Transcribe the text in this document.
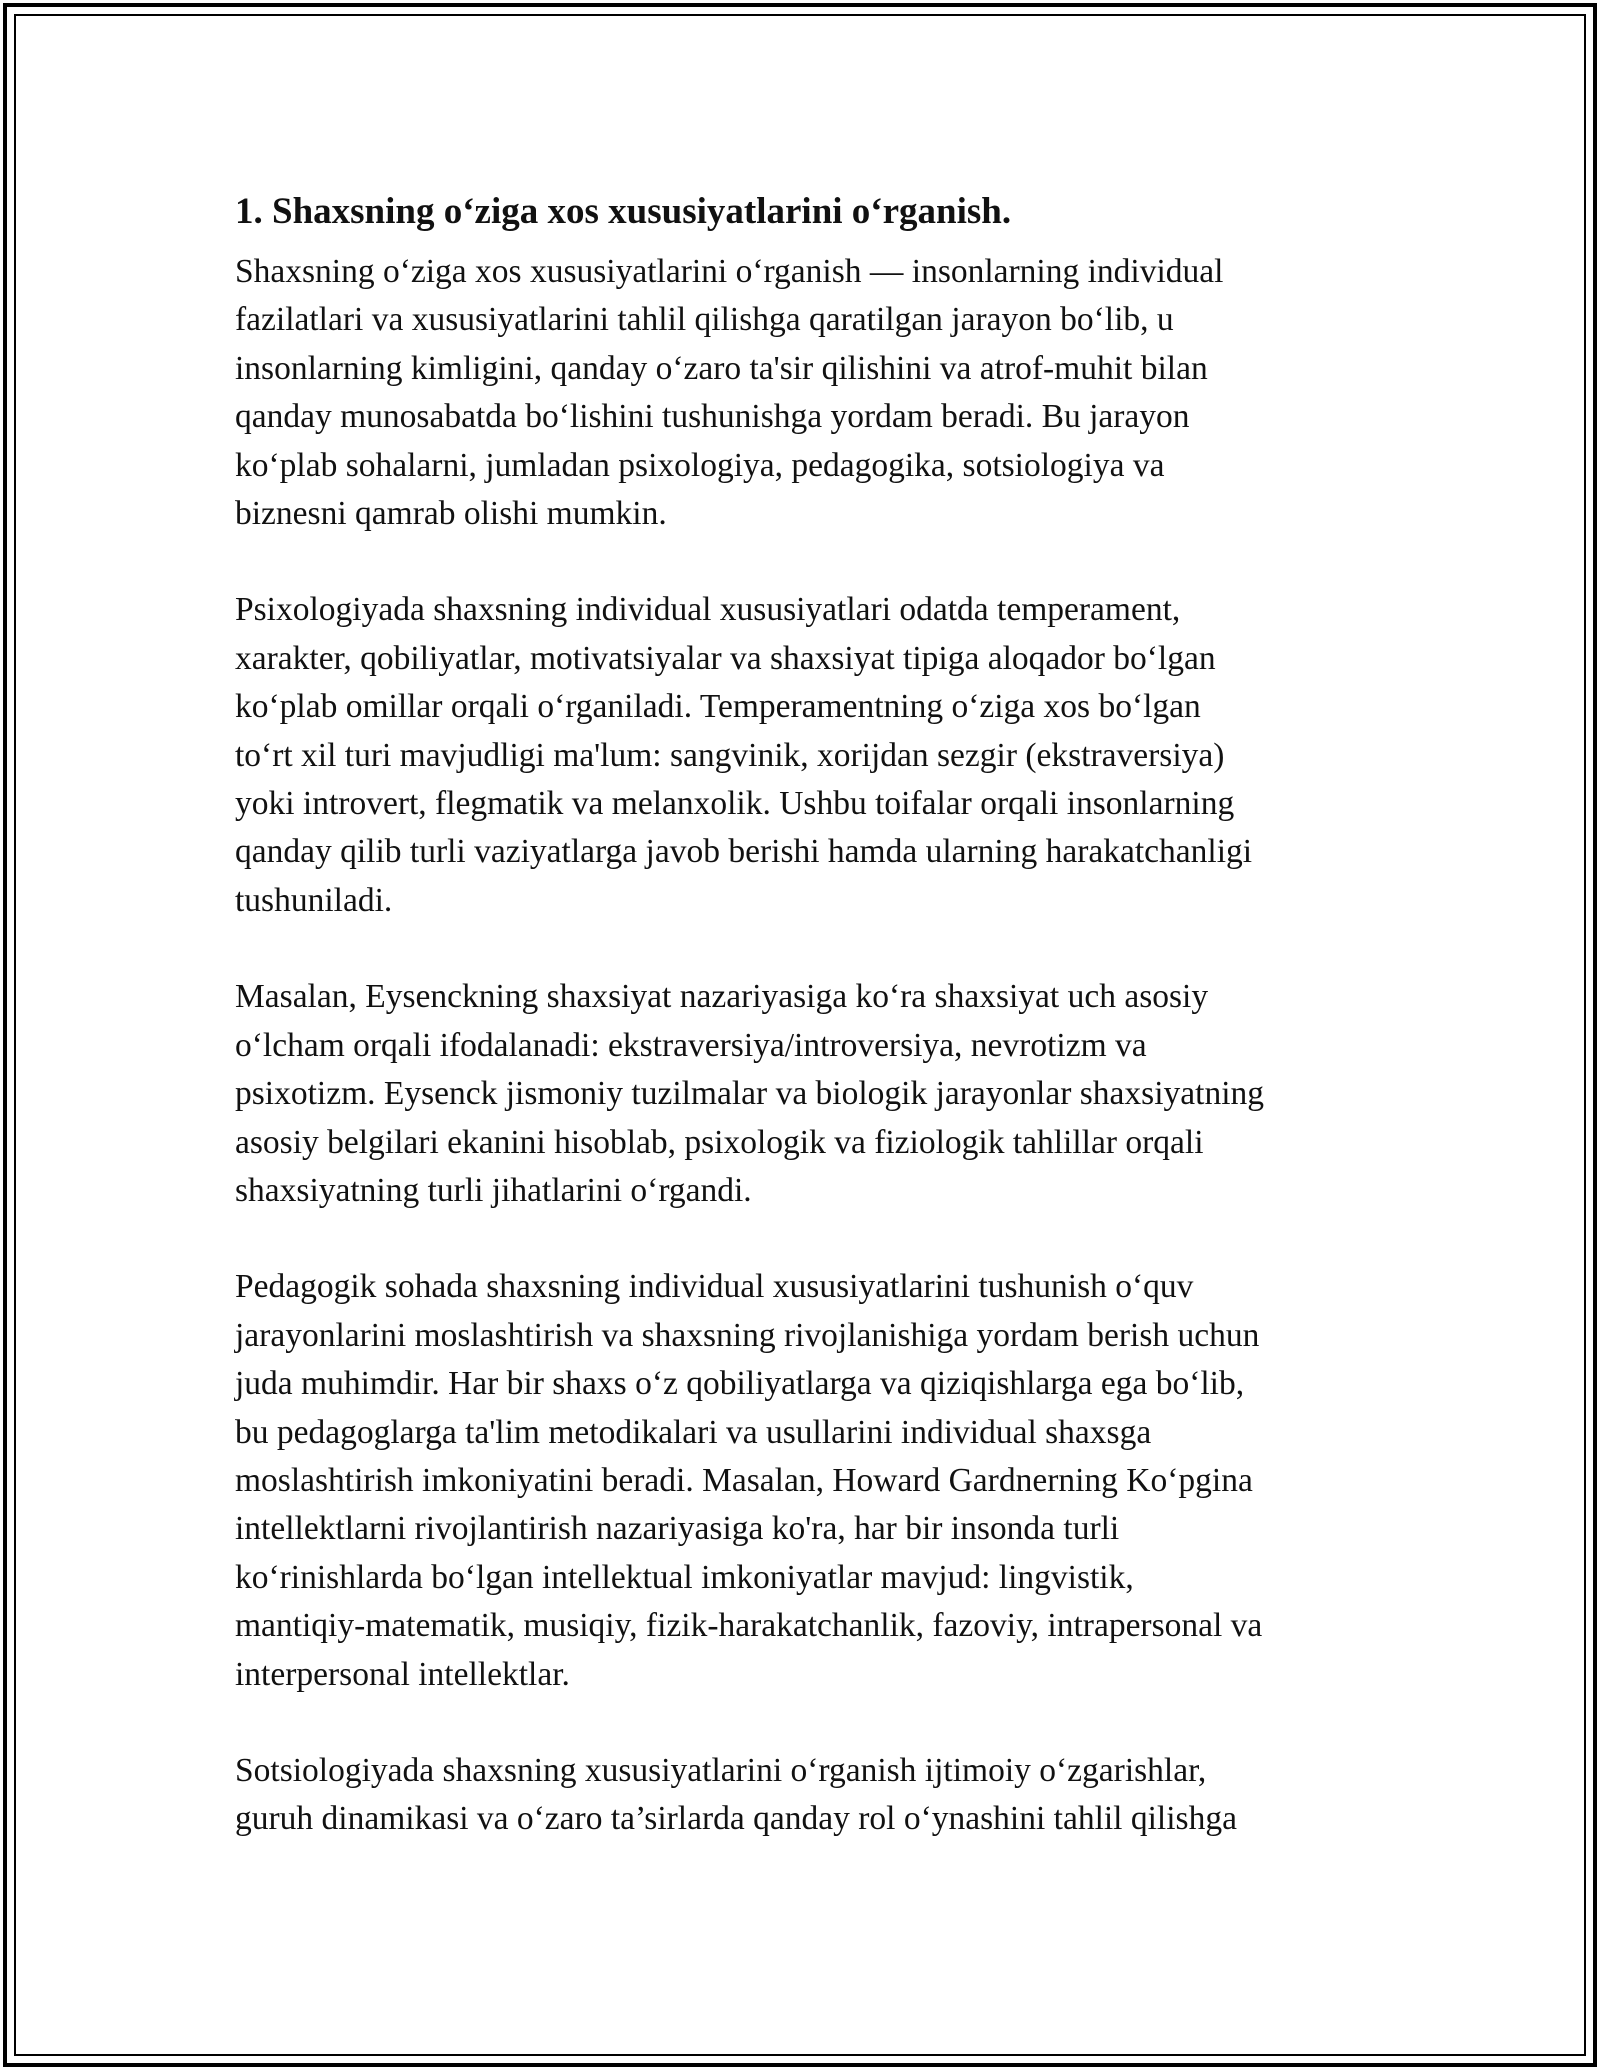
1. Shaxsning o‘ziga xos xususiyatlarini o‘rganish.
Shaxsning o‘ziga xos xususiyatlarini o‘rganish — insonlarning individual
fazilatlari va xususiyatlarini tahlil qilishga qaratilgan jarayon bo‘lib, u
insonlarning kimligini, qanday o‘zaro ta'sir qilishini va atrof-muhit bilan
qanday munosabatda bo‘lishini tushunishga yordam beradi. Bu jarayon
ko‘plab sohalarni, jumladan psixologiya, pedagogika, sotsiologiya va
biznesni qamrab olishi mumkin.
Psixologiyada shaxsning individual xususiyatlari odatda temperament,
xarakter, qobiliyatlar, motivatsiyalar va shaxsiyat tipiga aloqador bo‘lgan
ko‘plab omillar orqali o‘rganiladi. Temperamentning o‘ziga xos bo‘lgan
to‘rt xil turi mavjudligi ma'lum: sangvinik, xorijdan sezgir (ekstraversiya)
yoki introvert, flegmatik va melanxolik. Ushbu toifalar orqali insonlarning
qanday qilib turli vaziyatlarga javob berishi hamda ularning harakatchanligi
tushuniladi.
Masalan, Eysenckning shaxsiyat nazariyasiga ko‘ra shaxsiyat uch asosiy
o‘lcham orqali ifodalanadi: ekstraversiya/introversiya, nevrotizm va
psixotizm. Eysenck jismoniy tuzilmalar va biologik jarayonlar shaxsiyatning
asosiy belgilari ekanini hisoblab, psixologik va fiziologik tahlillar orqali
shaxsiyatning turli jihatlarini o‘rgandi.
Pedagogik sohada shaxsning individual xususiyatlarini tushunish o‘quv
jarayonlarini moslashtirish va shaxsning rivojlanishiga yordam berish uchun
juda muhimdir. Har bir shaxs o‘z qobiliyatlarga va qiziqishlarga ega bo‘lib,
bu pedagoglarga ta'lim metodikalari va usullarini individual shaxsga
moslashtirish imkoniyatini beradi. Masalan, Howard Gardnerning Ko‘pgina
intellektlarni rivojlantirish nazariyasiga ko'ra, har bir insonda turli
ko‘rinishlarda bo‘lgan intellektual imkoniyatlar mavjud: lingvistik,
mantiqiy-matematik, musiqiy, fizik-harakatchanlik, fazoviy, intrapersonal va
interpersonal intellektlar.
Sotsiologiyada shaxsning xususiyatlarini o‘rganish ijtimoiy o‘zgarishlar,
guruh dinamikasi va o‘zaro ta’sirlarda qanday rol o‘ynashini tahlil qilishga
